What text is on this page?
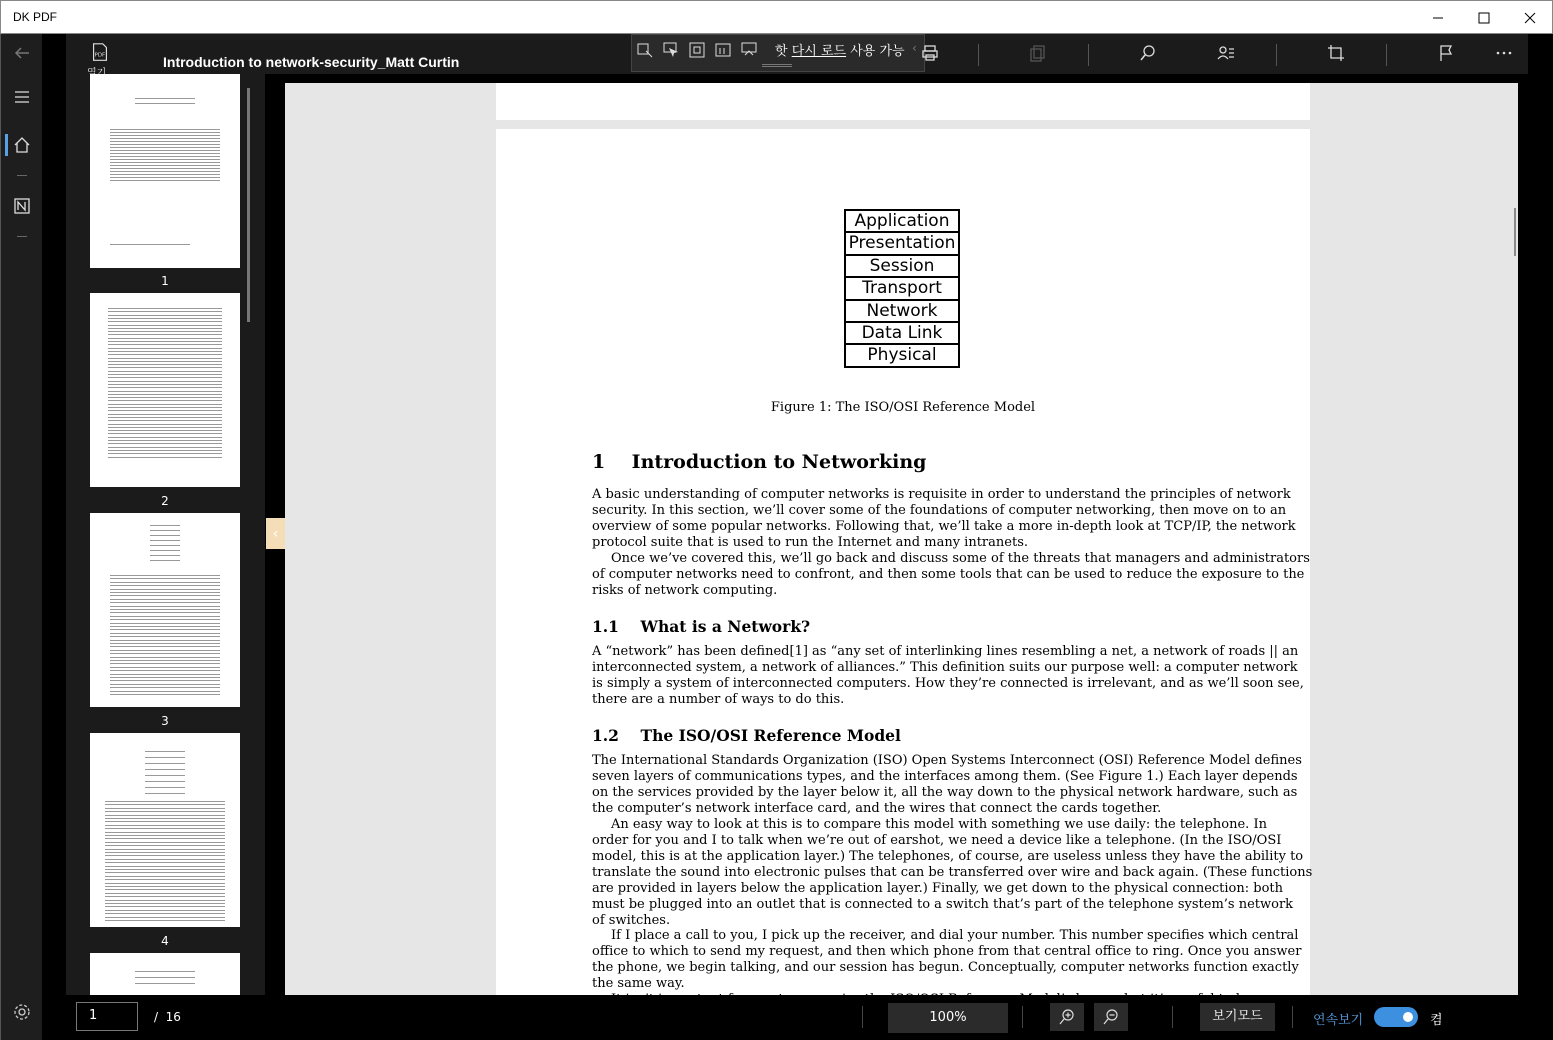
DK PDF
PDF	Introduction to network-security_Matt Curtin
핫 다시 로드 사용 가능 ‹
1
2
3
4
‹
Application
Presentation
Session
Transport
Network
Data Link
Physical
Figure 1: The ISO/OSI Reference Model
1    Introduction to Networking
A basic understanding of computer networks is requisite in order to understand the principles of network
security. In this section, we’ll cover some of the foundations of computer networking, then move on to an
overview of some popular networks. Following that, we’ll take a more in-depth look at TCP/IP, the network
protocol suite that is used to run the Internet and many intranets.
Once we’ve covered this, we’ll go back and discuss some of the threats that managers and administrators
of computer networks need to confront, and then some tools that can be used to reduce the exposure to the
risks of network computing.
1.1    What is a Network?
A “network” has been defined[1] as “any set of interlinking lines resembling a net, a network of roads || an
interconnected system, a network of alliances.” This definition suits our purpose well: a computer network
is simply a system of interconnected computers. How they’re connected is irrelevant, and as we’ll soon see,
there are a number of ways to do this.
1.2    The ISO/OSI Reference Model
The International Standards Organization (ISO) Open Systems Interconnect (OSI) Reference Model defines
seven layers of communications types, and the interfaces among them. (See Figure 1.) Each layer depends
on the services provided by the layer below it, all the way down to the physical network hardware, such as
the computer’s network interface card, and the wires that connect the cards together.
An easy way to look at this is to compare this model with something we use daily: the telephone. In
order for you and I to talk when we’re out of earshot, we need a device like a telephone. (In the ISO/OSI
model, this is at the application layer.) The telephones, of course, are useless unless they have the ability to
translate the sound into electronic pulses that can be transferred over wire and back again. (These functions
are provided in layers below the application layer.) Finally, we get down to the physical connection: both
must be plugged into an outlet that is connected to a switch that’s part of the telephone system’s network
of switches.
If I place a call to you, I pick up the receiver, and dial your number. This number specifies which central
office to which to send my request, and then which phone from that central office to ring. Once you answer
the phone, we begin talking, and our session has begun. Conceptually, computer networks function exactly
the same way.
1	/  16	100%	보기모드	연속보기	켬
